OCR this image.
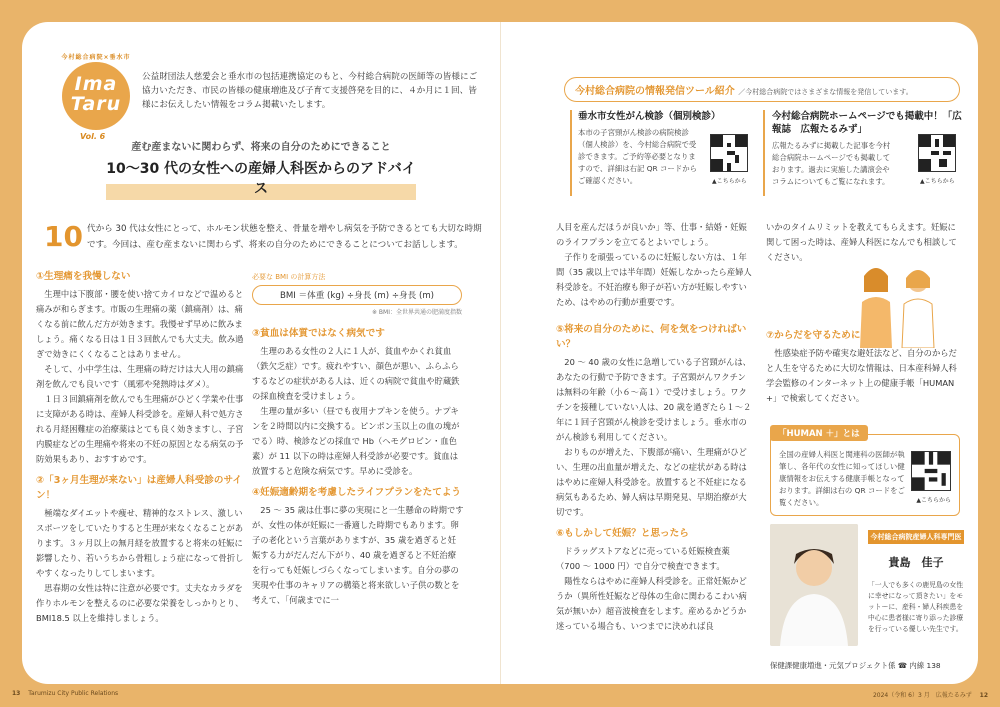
今村総合病院×垂水市
Ima
Taru
Vol. 6
公益財団法人慈愛会と垂水市の包括連携協定のもと、今村総合病院の医師等の皆様にご協力いただき、市民の皆様の健康増進及び子育て支援啓発を目的に、４か月に１回、皆様にお伝えしたい情報をコラム掲載いたします。
産む産まないに関わらず、将来の自分のためにできること
10～30 代の女性への産婦人科医からのアドバイス
10 代から 30 代は女性にとって、ホルモン状態を整え、骨量を増やし病気を予防できるとても大切な時期です。今回は、産む産まないに関わらず、将来の自分のためにできることについてお話しします。
①生理痛を我慢しない

生理中は下腹部・腰を使い捨てカイロなどで温めると痛みが和らぎます。市販の生理痛の薬（鎮痛剤）は、痛くなる前に飲んだ方が効きます。我慢せず早めに飲みましょう。痛くなる日は１日３回飲んでも大丈夫。飲み過ぎで効きにくくなることはありません。

そして、小中学生は、生理痛の時だけは大人用の鎮痛剤を飲んでも良いです（風邪や発熱時はダメ）。

１日３回鎮痛剤を飲んでも生理痛がひどく学業や仕事に支障がある時は、産婦人科受診を。産婦人科で処方される月経困難症の治療薬はとても良く効きますし、子宮内膜症などの生理痛や将来の不妊の原因となる病気の予防効果もあり、おすすめです。

②「3ヶ月生理が来ない」は産婦人科受診のサイン！

極端なダイエットや痩せ、精神的なストレス、激しいスポーツをしていたりすると生理が来なくなることがあります。３ヶ月以上の無月経を放置すると将来の妊娠に影響したり、若いうちから骨粗しょう症になって骨折しやすくなったりしてしまいます。

思春期の女性は特に注意が必要です。丈夫なカラダを作りホルモンを整えるのに必要な栄養をしっかりとり、BMI18.5 以上を維持しましょう。

必要な BMI の計算方法
BMI ＝体重 (kg) ÷身長 (m) ÷身長 (m)
※ BMI：全世界共通の肥満度指数
③貧血は体質ではなく病気です

生理のある女性の２人に１人が、貧血やかくれ貧血（鉄欠乏症）です。疲れやすい、顔色が悪い、ふらふらするなどの症状がある人は、近くの病院で貧血や貯蔵鉄の採血検査を受けましょう。

生理の量が多い（昼でも夜用ナプキンを使う。ナプキンを２時間以内に交換する。ピンポン玉以上の血の塊がでる）時、検診などの採血で Hb（ヘモグロビン・血色素）が 11 以下の時は産婦人科受診が必要です。貧血は放置すると危険な病気です。早めに受診を。

④妊娠適齢期を考慮したライフプランをたてよう

25 ～ 35 歳は仕事に夢の実現にと一生懸命の時期ですが、女性の体が妊娠に一番適した時期でもあります。卵子の老化という言葉がありますが、35 歳を過ぎると妊娠する力がだんだん下がり、40 歳を過ぎると不妊治療を行っても妊娠しづらくなってしまいます。自分の夢の実現や仕事のキャリアの構築と将来欲しい子供の数とを考えて、「何歳までに一

今村総合病院の情報発信ツール紹介 ／今村総合病院ではさまざまな情報を発信しています。
垂水市女性がん検診（個別検診）
本市の子宮頸がん検診の病院検診（個人検診）を、今村総合病院で受診できます。ご予約等必要となりますので、詳細は右記 QR コードからご確認ください。	▲こちらから
今村総合病院ホームページでも掲載中！「広報誌　広報たるみず」
広報たるみずに掲載した記事を今村総合病院ホームページでも掲載しております。過去に実施した講演会やコラムについてもご覧になれます。	▲こちらから

人目を産んだほうが良いか」等、仕事・結婚・妊娠のライフプランを立てるとよいでしょう。

子作りを頑張っているのに妊娠しない方は、１年間（35 歳以上では半年間）妊娠しなかったら産婦人科受診を。不妊治療も卵子が若い方が妊娠しやすいため、はやめの行動が重要です。

⑤将来の自分のために、何を気をつければいい？

20 ～ 40 歳の女性に急増している子宮頸がんは、あなたの行動で予防できます。子宮頸がんワクチンは無料の年齢（小６～高１）で受けましょう。ワクチンを接種していない人は、20 歳を過ぎたら１～２年に１回子宮頸がん検診を受けましょう。垂水市のがん検診も利用してください。

おりものが増えた、下腹部が痛い、生理痛がひどい、生理の出血量が増えた、などの症状がある時ははやめに産婦人科受診を。放置すると不妊症になる病気もあるため、婦人病は早期発見、早期治療が大切です。

⑥もしかして妊娠？と思ったら

ドラッグストアなどに売っている妊娠検査薬（700 ～ 1000 円）で自分で検査できます。

陽性ならはやめに産婦人科受診を。正常妊娠かどうか（異所性妊娠など母体の生命に関わるこわい病気が無いか）超音波検査をします。産めるかどうか迷っている場合も、いつまでに決めれば良

いかのタイムリミットを教えてもらえます。妊娠に関して困った時は、産婦人科医になんでも相談してください。

⑦からだを守るために

性感染症予防や確実な避妊法など、自分のからだと人生を守るために大切な情報は、日本産科婦人科学会監修のインターネット上の健康手帳「HUMAN +」で検索してください。

「HUMAN ＋」とは
全国の産婦人科医と関連科の医師が執筆し、各年代の女性に知ってほしい健康情報をお伝えする健康手帳となっております。詳細は右の QR コードをご覧ください。	▲こちらから
今村総合病院産婦人科専門医
貴島　佳子
「一人でも多くの鹿児島の女性に幸せになって頂きたい」をモットーに、産科・婦人科疾患を中心に患者様に寄り添った診療を行っている優しい先生です。
保健課健康増進・元気プロジェクト係 ☎ 内線 138
13 Tarumizu City Public Relations	2024（令和 6）3 月　広報たるみず 12
